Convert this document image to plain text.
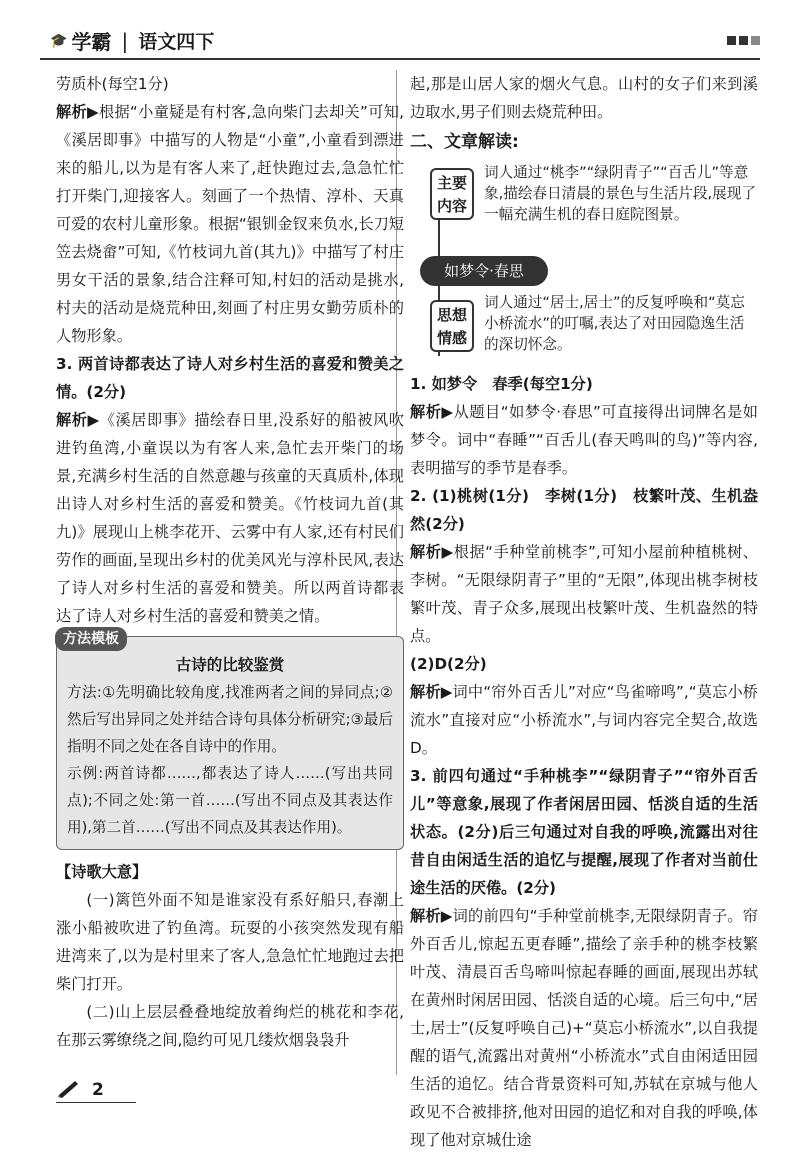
🎓 学霸 | 语文四下
劳质朴(每空1分)
解析▶根据“小童疑是有村客,急向柴门去却关”可知,《溪居即事》中描写的人物是“小童”,小童看到漂进来的船儿,以为是有客人来了,赶快跑过去,急急忙忙打开柴门,迎接客人。刻画了一个热情、淳朴、天真可爱的农村儿童形象。根据“银钏金钗来负水,长刀短笠去烧畲”可知,《竹枝词九首(其九)》中描写了村庄男女干活的景象,结合注释可知,村妇的活动是挑水,村夫的活动是烧荒种田,刻画了村庄男女勤劳质朴的人物形象。
3. 两首诗都表达了诗人对乡村生活的喜爱和赞美之情。(2分)
解析▶《溪居即事》描绘春日里,没系好的船被风吹进钓鱼湾,小童误以为有客人来,急忙去开柴门的场景,充满乡村生活的自然意趣与孩童的天真质朴,体现出诗人对乡村生活的喜爱和赞美。《竹枝词九首(其九)》展现山上桃李花开、云雾中有人家,还有村民们劳作的画面,呈现出乡村的优美风光与淳朴民风,表达了诗人对乡村生活的喜爱和赞美。所以两首诗都表达了诗人对乡村生活的喜爱和赞美之情。
方法模板
古诗的比较鉴赏
方法:①先明确比较角度,找准两者之间的异同点;②然后写出异同之处并结合诗句具体分析研究;③最后指明不同之处在各自诗中的作用。
示例:两首诗都……,都表达了诗人……(写出共同点);不同之处:第一首……(写出不同点及其表达作用),第二首……(写出不同点及其表达作用)。
【诗歌大意】
(一)篱笆外面不知是谁家没有系好船只,春潮上涨小船被吹进了钓鱼湾。玩耍的小孩突然发现有船进湾来了,以为是村里来了客人,急急忙忙地跑过去把柴门打开。
(二)山上层层叠叠地绽放着绚烂的桃花和李花,在那云雾缭绕之间,隐约可见几缕炊烟袅袅升
起,那是山居人家的烟火气息。山村的女子们来到溪边取水,男子们则去烧荒种田。
二、文章解读:
主要内容
词人通过“桃李”“绿阴青子”“百舌儿”等意象,描绘春日清晨的景色与生活片段,展现了一幅充满生机的春日庭院图景。
如梦令·春思
思想情感
词人通过“居士,居士”的反复呼唤和“莫忘小桥流水”的叮嘱,表达了对田园隐逸生活的深切怀念。
1. 如梦令　春季(每空1分)
解析▶从题目“如梦令·春思”可直接得出词牌名是如梦令。词中“春睡”“百舌儿(春天鸣叫的鸟)”等内容,表明描写的季节是春季。
2. (1)桃树(1分)　李树(1分)　枝繁叶茂、生机盎然(2分)
解析▶根据“手种堂前桃李”,可知小屋前种植桃树、李树。“无限绿阴青子”里的“无限”,体现出桃李树枝繁叶茂、青子众多,展现出枝繁叶茂、生机盎然的特点。
(2)D(2分)
解析▶词中“帘外百舌儿”对应“鸟雀啼鸣”,“莫忘小桥流水”直接对应“小桥流水”,与词内容完全契合,故选D。
3. 前四句通过“手种桃李”“绿阴青子”“帘外百舌儿”等意象,展现了作者闲居田园、恬淡自适的生活状态。(2分)后三句通过对自我的呼唤,流露出对往昔自由闲适生活的追忆与提醒,展现了作者对当前仕途生活的厌倦。(2分)
解析▶词的前四句“手种堂前桃李,无限绿阴青子。帘外百舌儿,惊起五更春睡”,描绘了亲手种的桃李枝繁叶茂、清晨百舌鸟啼叫惊起春睡的画面,展现出苏轼在黄州时闲居田园、恬淡自适的心境。后三句中,“居士,居士”(反复呼唤自己)+“莫忘小桥流水”,以自我提醒的语气,流露出对黄州“小桥流水”式自由闲适田园生活的追忆。结合背景资料可知,苏轼在京城与他人政见不合被排挤,他对田园的追忆和对自我的呼唤,体现了他对京城仕途
2
